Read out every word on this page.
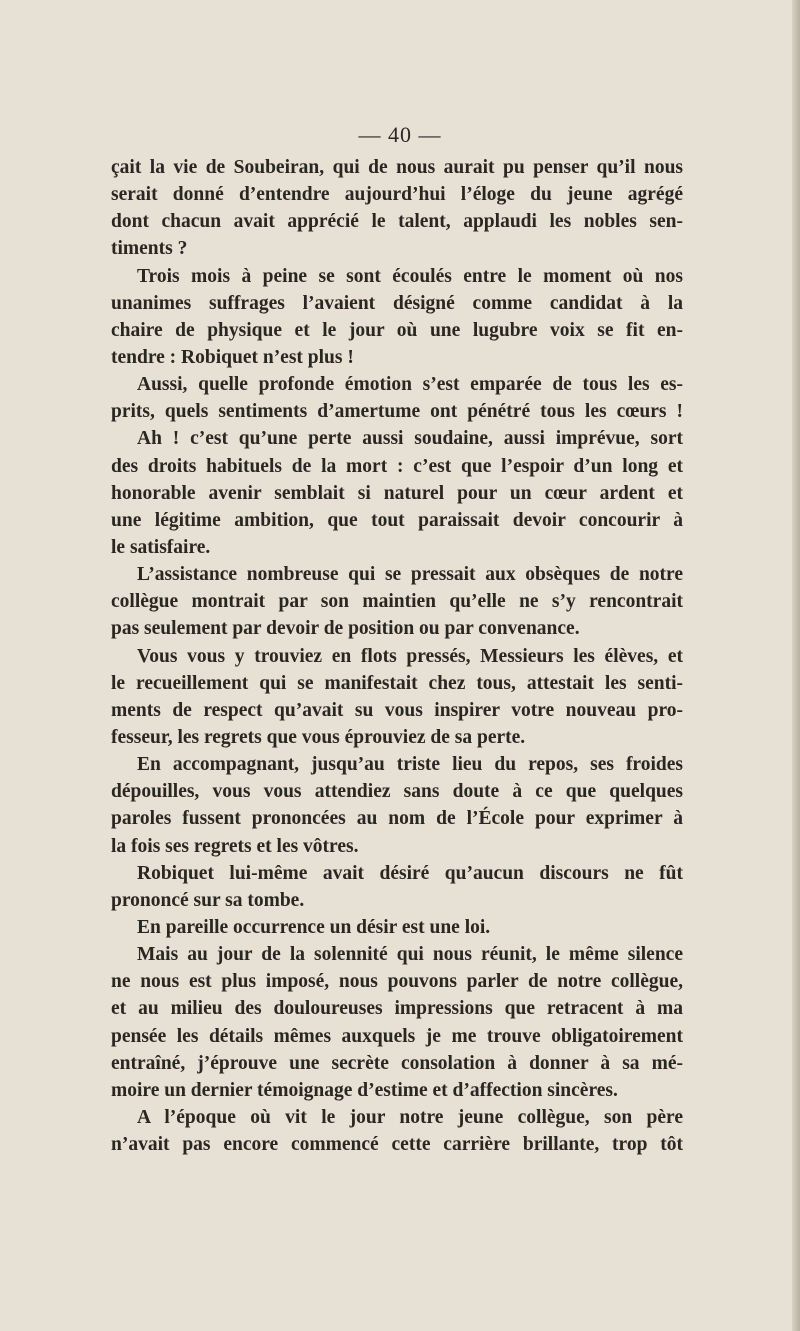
— 40 —
çait la vie de Soubeiran, qui de nous aurait pu penser qu’il nous
serait donné d’entendre aujourd’hui l’éloge du jeune agrégé
dont chacun avait apprécié le talent, applaudi les nobles sen-
timents ?
Trois mois à peine se sont écoulés entre le moment où nos
unanimes suffrages l’avaient désigné comme candidat à la
chaire de physique et le jour où une lugubre voix se fit en-
tendre : Robiquet n’est plus !
Aussi, quelle profonde émotion s’est emparée de tous les es-
prits, quels sentiments d’amertume ont pénétré tous les cœurs !
Ah ! c’est qu’une perte aussi soudaine, aussi imprévue, sort
des droits habituels de la mort : c’est que l’espoir d’un long et
honorable avenir semblait si naturel pour un cœur ardent et
une légitime ambition, que tout paraissait devoir concourir à
le satisfaire.
L’assistance nombreuse qui se pressait aux obsèques de notre
collègue montrait par son maintien qu’elle ne s’y rencontrait
pas seulement par devoir de position ou par convenance.
Vous vous y trouviez en flots pressés, Messieurs les élèves, et
le recueillement qui se manifestait chez tous, attestait les senti-
ments de respect qu’avait su vous inspirer votre nouveau pro-
fesseur, les regrets que vous éprouviez de sa perte.
En accompagnant, jusqu’au triste lieu du repos, ses froides
dépouilles, vous vous attendiez sans doute à ce que quelques
paroles fussent prononcées au nom de l’École pour exprimer à
la fois ses regrets et les vôtres.
Robiquet lui-même avait désiré qu’aucun discours ne fût
prononcé sur sa tombe.
En pareille occurrence un désir est une loi.
Mais au jour de la solennité qui nous réunit, le même silence
ne nous est plus imposé, nous pouvons parler de notre collègue,
et au milieu des douloureuses impressions que retracent à ma
pensée les détails mêmes auxquels je me trouve obligatoirement
entraîné, j’éprouve une secrète consolation à donner à sa mé-
moire un dernier témoignage d’estime et d’affection sincères.
A l’époque où vit le jour notre jeune collègue, son père
n’avait pas encore commencé cette carrière brillante, trop tôt
